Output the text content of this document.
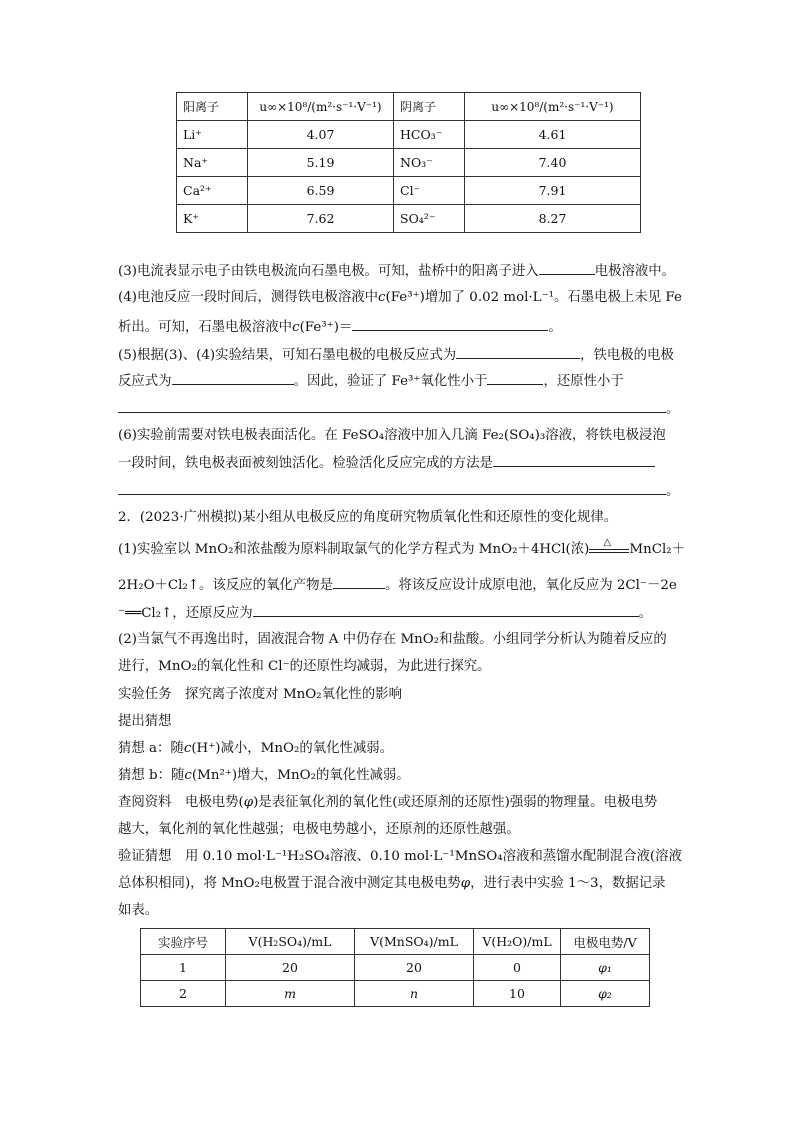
阳离子	u∞×10⁸/(m²·s⁻¹·V⁻¹)	阴离子	u∞×10⁸/(m²·s⁻¹·V⁻¹)
Li⁺	4.07	HCO₃⁻	4.61
Na⁺	5.19	NO₃⁻	7.40
Ca²⁺	6.59	Cl⁻	7.91
K⁺	7.62	SO₄²⁻	8.27
(3)电流表显示电子由铁电极流向石墨电极。可知，盐桥中的阳离子进入	电极溶液中。
(4)电池反应一段时间后，测得铁电极溶液中c(Fe³⁺)增加了 0.02 mol·L⁻¹。石墨电极上未见 Fe
析出。可知，石墨电极溶液中c(Fe³⁺)＝	。
(5)根据(3)、(4)实验结果，可知石墨电极的电极反应式为	，铁电极的电极
反应式为	。因此，验证了 Fe³⁺氧化性小于	，还原性小于
。
(6)实验前需要对铁电极表面活化。在 FeSO₄溶液中加入几滴 Fe₂(SO₄)₃溶液，将铁电极浸泡
一段时间，铁电极表面被刻蚀活化。检验活化反应完成的方法是
。
2．(2023·广州模拟)某小组从电极反应的角度研究物质氧化性和还原性的变化规律。
(1)实验室以 MnO₂和浓盐酸为原料制取氯气的化学方程式为 MnO₂＋4HCl(浓) △ MnCl₂＋
2H₂O＋Cl₂↑。该反应的氧化产物是	。将该反应设计成原电池，氧化反应为 2Cl⁻－2e
⁻══Cl₂↑，还原反应为	。
(2)当氯气不再逸出时，固液混合物 A 中仍存在 MnO₂和盐酸。小组同学分析认为随着反应的
进行，MnO₂的氧化性和 Cl⁻的还原性均减弱，为此进行探究。
实验任务　探究离子浓度对 MnO₂氧化性的影响
提出猜想
猜想 a：随c(H⁺)减小，MnO₂的氧化性减弱。
猜想 b：随c(Mn²⁺)增大，MnO₂的氧化性减弱。
查阅资料　电极电势(φ)是表征氧化剂的氧化性(或还原剂的还原性)强弱的物理量。电极电势
越大，氧化剂的氧化性越强；电极电势越小，还原剂的还原性越强。
验证猜想　用 0.10 mol·L⁻¹H₂SO₄溶液、0.10 mol·L⁻¹MnSO₄溶液和蒸馏水配制混合液(溶液
总体积相同)，将 MnO₂电极置于混合液中测定其电极电势φ，进行表中实验 1～3，数据记录
如表。
实验序号	V(H₂SO₄)/mL	V(MnSO₄)/mL	V(H₂O)/mL	电极电势/V
1	20	20	0	φ₁
2	m	n	10	φ₂
